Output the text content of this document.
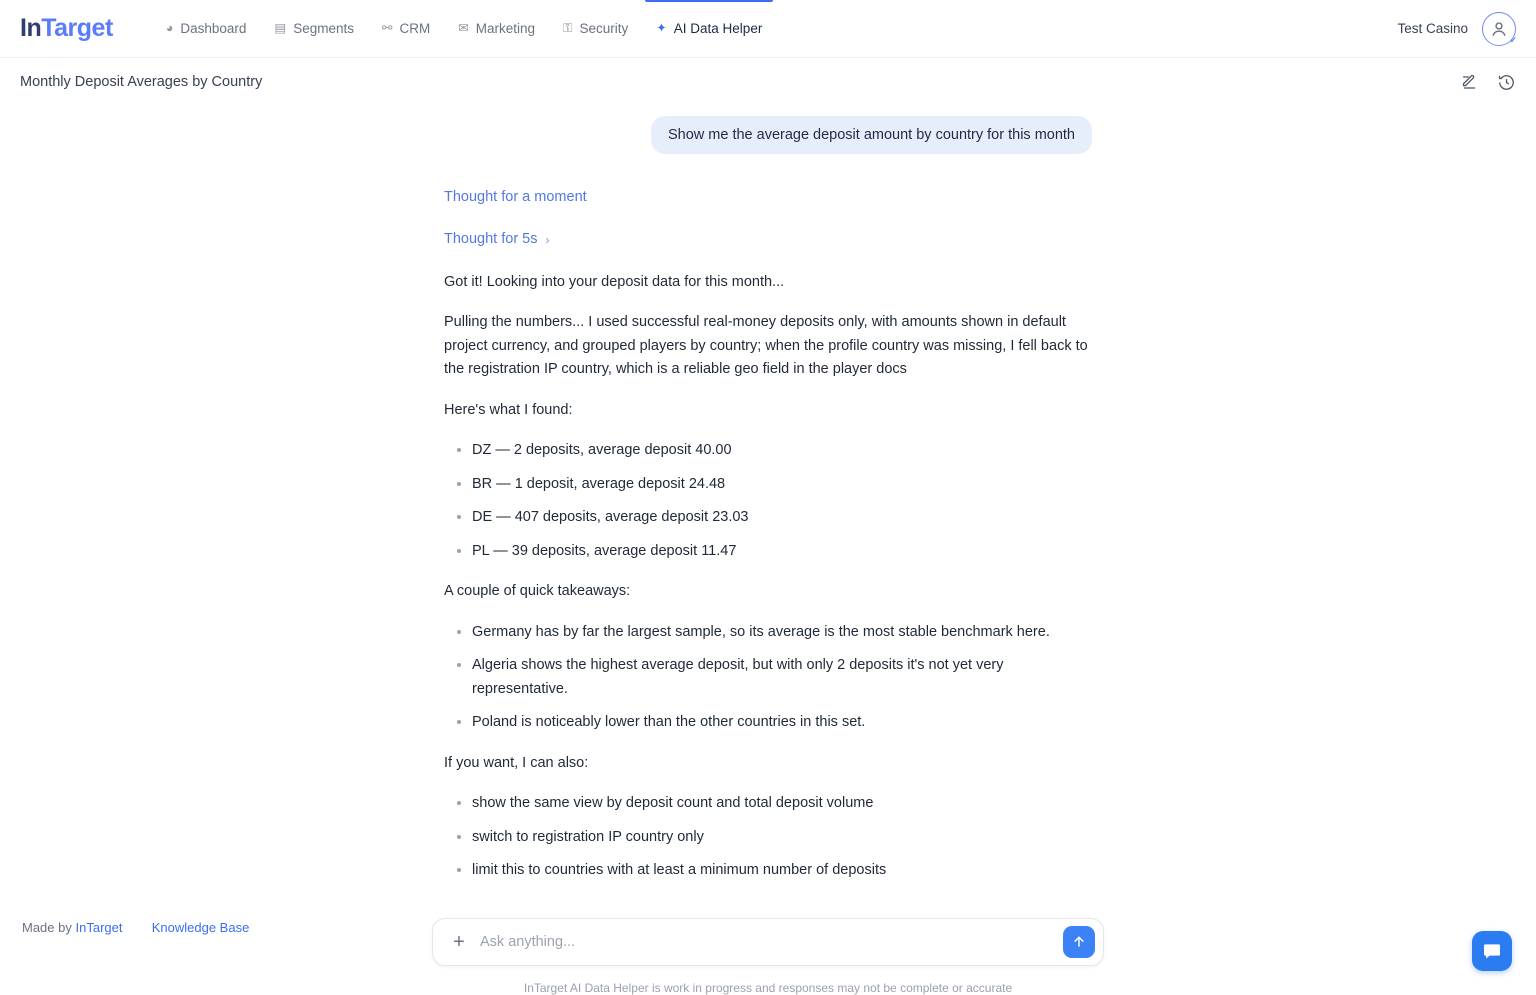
InTarget	◕ Dashboard ▤ Segments ⚯ CRM ✉ Marketing ⚿ Security ✦ AI Data Helper	Test Casino
✔
Monthly Deposit Averages by Country
Show me the average deposit amount by country for this month
Thought for a moment
Thought for 5s ›

Got it! Looking into your deposit data for this month...

Pulling the numbers... I used successful real-money deposits only, with amounts shown in default project currency, and grouped players by country; when the profile country was missing, I fell back to the registration IP country, which is a reliable geo field in the player docs

Here's what I found:

• DZ — 2 deposits, average deposit 40.00
• BR — 1 deposit, average deposit 24.48
• DE — 407 deposits, average deposit 23.03
• PL — 39 deposits, average deposit 11.47

A couple of quick takeaways:

• Germany has by far the largest sample, so its average is the most stable benchmark here.
• Algeria shows the highest average deposit, but with only 2 deposits it's not yet very representative.
• Poland is noticeably lower than the other countries in this set.

If you want, I can also:

• show the same view by deposit count and total deposit volume
• switch to registration IP country only
• limit this to countries with at least a minimum number of deposits
+
Ask anything...
InTarget AI Data Helper is work in progress and responses may not be complete or accurate
Made by InTarget Knowledge Base
